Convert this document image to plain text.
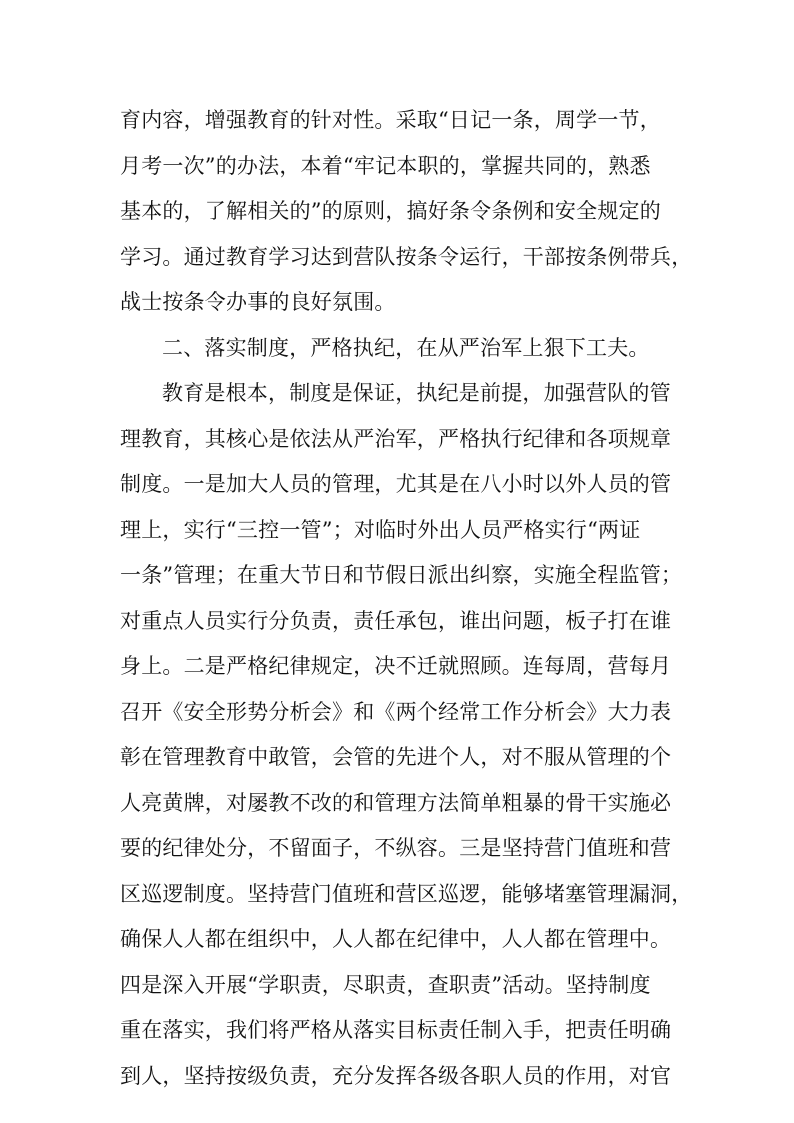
育内容，增强教育的针对性。采取“日记一条，周学一节，
月考一次”的办法，本着“牢记本职的，掌握共同的，熟悉
基本的，了解相关的”的原则，搞好条令条例和安全规定的
学习。通过教育学习达到营队按条令运行，干部按条例带兵，
战士按条令办事的良好氛围。
二、落实制度，严格执纪，在从严治军上狠下工夫。
教育是根本，制度是保证，执纪是前提，加强营队的管
理教育，其核心是依法从严治军，严格执行纪律和各项规章
制度。一是加大人员的管理，尤其是在八小时以外人员的管
理上，实行“三控一管”；对临时外出人员严格实行“两证
一条”管理；在重大节日和节假日派出纠察，实施全程监管；
对重点人员实行分负责，责任承包，谁出问题，板子打在谁
身上。二是严格纪律规定，决不迁就照顾。连每周，营每月
召开《安全形势分析会》和《两个经常工作分析会》大力表
彰在管理教育中敢管，会管的先进个人，对不服从管理的个
人亮黄牌，对屡教不改的和管理方法简单粗暴的骨干实施必
要的纪律处分，不留面子，不纵容。三是坚持营门值班和营
区巡逻制度。坚持营门值班和营区巡逻，能够堵塞管理漏洞，
确保人人都在组织中，人人都在纪律中，人人都在管理中。
四是深入开展“学职责，尽职责，查职责”活动。坚持制度
重在落实，我们将严格从落实目标责任制入手，把责任明确
到人，坚持按级负责，充分发挥各级各职人员的作用，对官
